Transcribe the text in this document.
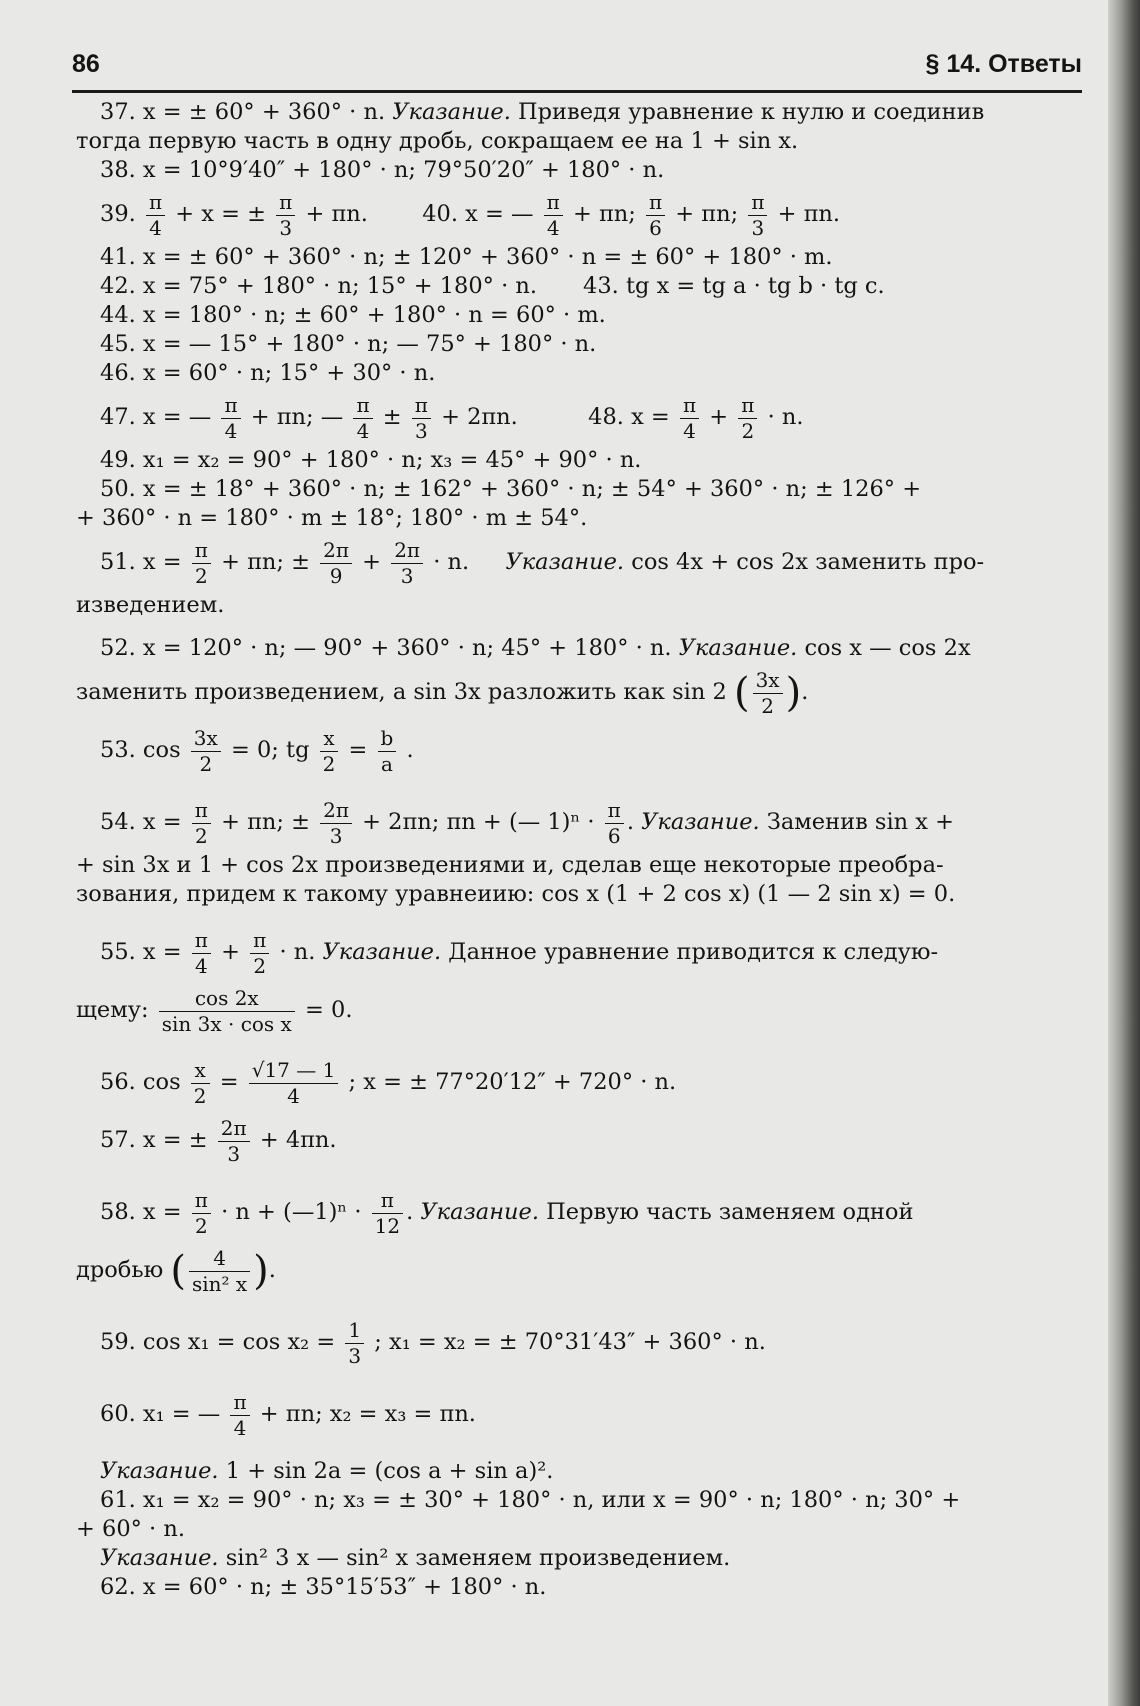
86	§ 14. Ответы
37. x = ± 60° + 360° · n. Указание. Приведя уравнение к нулю и соединив
тогда первую часть в одну дробь, сокращаем ее на 1 + sin x.
38. x = 10°9′40″ + 180° · n; 79°50′20″ + 180° · n.
39. $\frac{\pi}{4} + x$ = ± $\frac{\pi}{3} + \pi n$. 40. x = — $\frac{\pi}{4} + \pi n$; $\frac{\pi}{6} + \pi n$; $\frac{\pi}{3} + \pi n$.
41. x = ± 60° + 360° · n; ± 120° + 360° · n = ± 60° + 180° · m.
42. x = 75° + 180° · n; 15° + 180° · n. 43. tg x = tg a · tg b · tg c.
44. x = 180° · n; ± 60° + 180° · n = 60° · m.
45. x = — 15° + 180° · n; — 75° + 180° · n.
46. x = 60° · n; 15° + 30° · n.
47. x = — $\frac{\pi}{4} + \pi n$; — $\frac{\pi}{4} \pm \frac{\pi}{3} + 2\pi n$.	48. $x = \frac{\pi}{4} + \frac{\pi}{2} \cdot n$.
49. x₁ = x₂ = 90° + 180° · n; x₃ = 45° + 90° · n.
50. x = ± 18° + 360° · n; ± 162° + 360° · n; ± 54° + 360° · n; ± 126° +
+ 360° · n = 180° · m ± 18°; 180° · m ± 54°.
51. $x = \frac{\pi}{2} + \pi n$; ± $\frac{2\pi}{9} + \frac{2\pi}{3} \cdot n$. Указание. cos 4x + cos 2x заменить про-
изведением.
52. x = 120° · n; — 90° + 360° · n; 45° + 180° · n. Указание. cos x — cos 2x
заменить произведением, а sin 3x разложить как sin 2 ( $\frac{3x}{2}$ ).
53. $\cos \frac{3x}{2} = 0$; tg $\frac{x}{2} = \frac{b}{a}$ .
54. $x = \frac{\pi}{2} + \pi n$; ± $\frac{2\pi}{3} + 2\pi n$; πn + (— $1)^n \cdot \frac{\pi}{6}$ . Указание. Заменив sin x +
+ sin 3x и 1 + cos 2x произведениями и, сделав еще некоторые преобра-
зования, придем к такому уравнеиию: cos x (1 + 2 cos x) (1 — 2 sin x) = 0.
55. $x = \frac{\pi}{4} + \frac{\pi}{2} \cdot n$. Указание. Данное уравнение приводится к следую-
щему: $\frac{\cos 2x}{\text{sin 3x · cos x}} = 0$.
56. $\cos \frac{x}{2} = \frac{√17 — 1}{4}$ ; x = ± 77°20′12″ + 720° · n.
57. x = ± $\frac{2\pi}{3} + 4\pi n$.
58. $x = \frac{\pi}{2} \cdot n$ + (—1)ⁿ · $\frac{\pi}{12}$ . Указание. Первую часть заменяем одной
дробью ( $\frac{4}{\text{sin² x}}$ ).
59. $\cos x_1 = \cos x_2 = \frac{1}{3}$ ; x₁ = x₂ = ± 70°31′43″ + 360° · n.
60. x₁ = — $\frac{\pi}{4} + \pi n$; x₂ = x₃ = πn.
Указание. 1 + sin 2a = (cos a + sin a)².
61. x₁ = x₂ = 90° · n; x₃ = ± 30° + 180° · n, или x = 90° · n; 180° · n; 30° +
+ 60° · n.
Указание. sin² 3 x — sin² x заменяем произведением.
62. x = 60° · n; ± 35°15′53″ + 180° · n.
